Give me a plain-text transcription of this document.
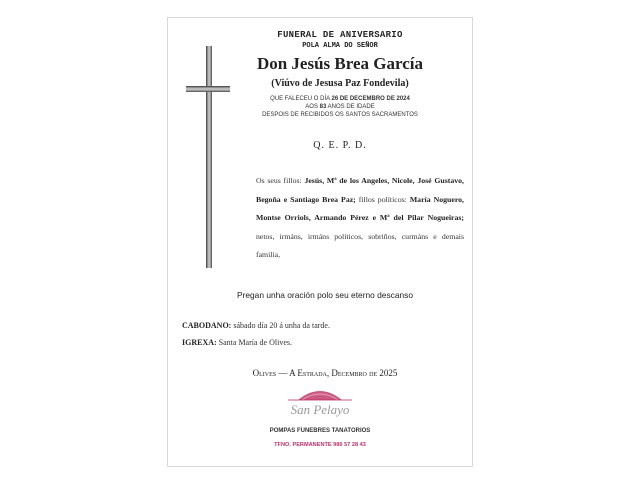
FUNERAL DE ANIVERSARIO
POLA ALMA DO SEÑOR
Don Jesús Brea García
(Viúvo de Jesusa Paz Fondevila)
QUE FALECEU O DÍA 26 DE DECEMBRO DE 2024
AOS 83 ANOS DE IDADE
DESPOIS DE RECIBIDOS OS SANTOS SACRAMENTOS
Q. E. P. D.
Os seus fillos: Jesús, Mª de los Angeles, Nicole, José Gustavo, Begoña e Santiago Brea Paz; fillos políticos: María Noguero, Montse Orriols, Armando Pérez e Mª del Pilar Nogueiras; netos, irmáns, irmáns políticos, sobriños, curmáns e demais familia,
Pregan unha oración polo seu eterno descanso
CABODANO: sábado día 20 á unha da tarde.
IGREXA: Santa María de Olives.
Olives — A Estrada, Decembro de 2025
San Pelayo
POMPAS FUNEBRES TANATORIOS
TFNO. PERMANENTE 986 57 28 43
